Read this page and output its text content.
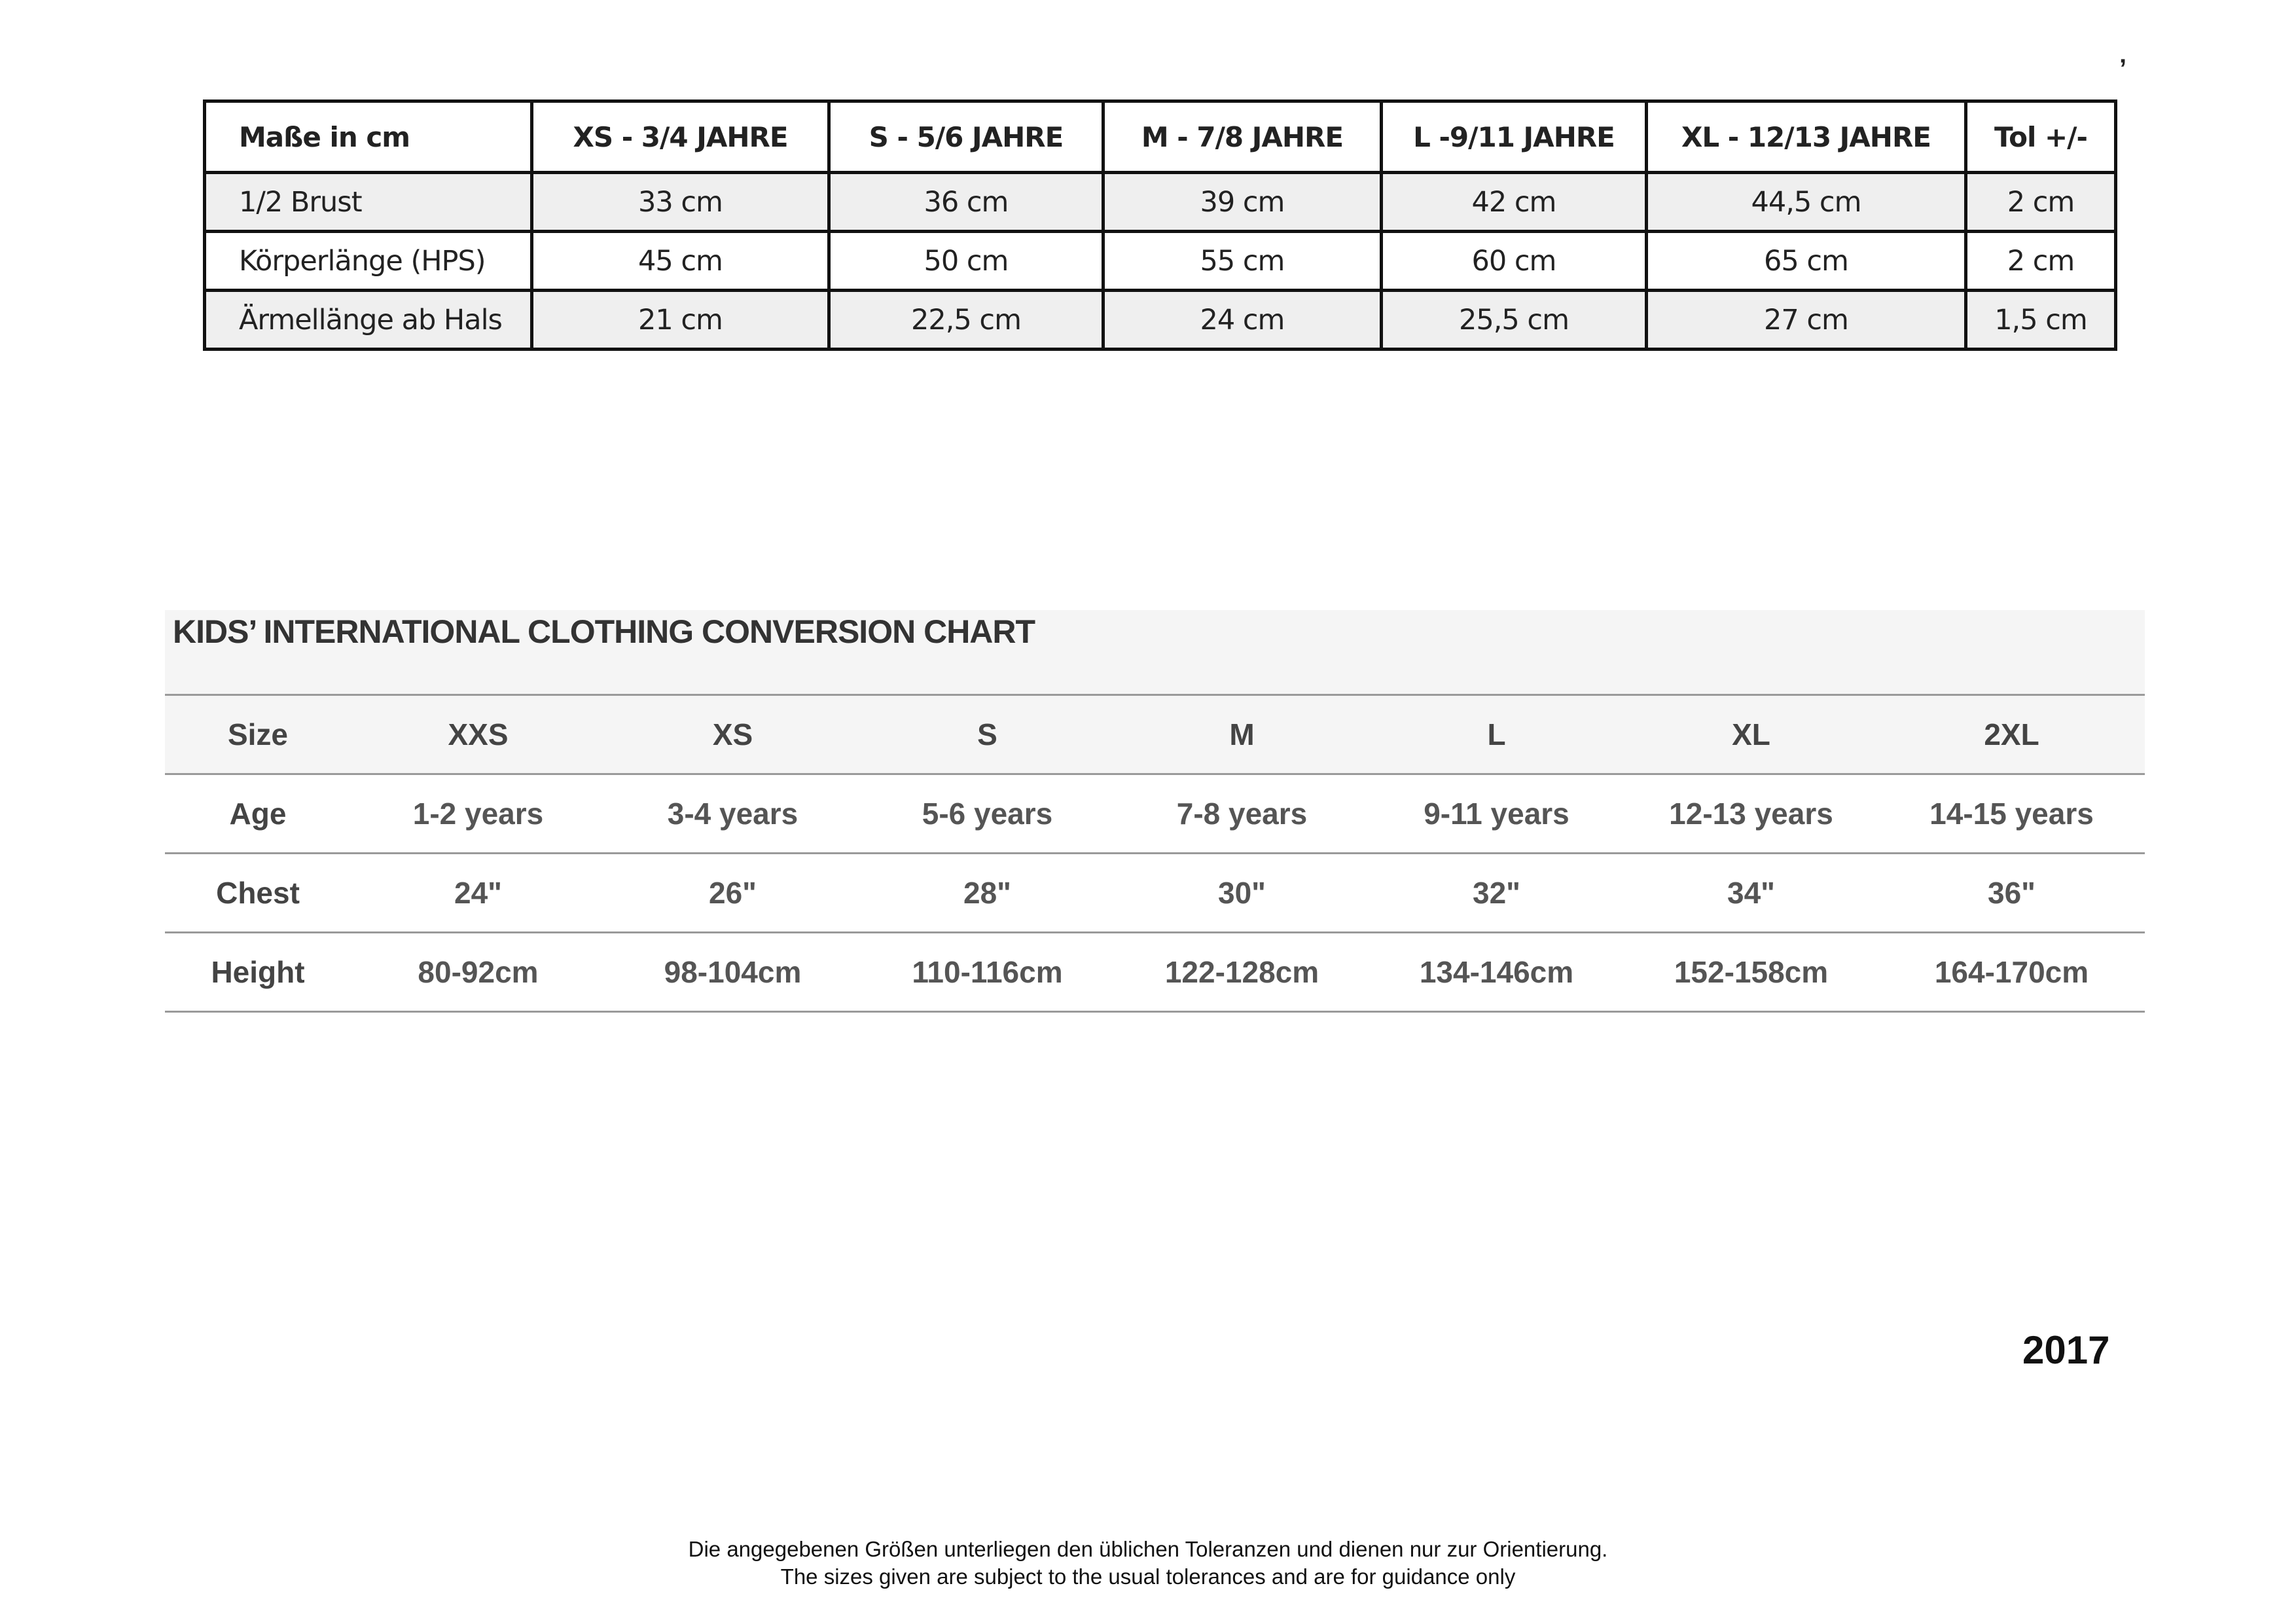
ʼ
Maße in cm	XS - 3/4 JAHRE	S - 5/6 JAHRE	M - 7/8 JAHRE	L -9/11 JAHRE	XL - 12/13 JAHRE	Tol +/-
1/2 Brust	33 cm	36 cm	39 cm	42 cm	44,5 cm	2 cm
Körperlänge (HPS)	45 cm	50 cm	55 cm	60 cm	65 cm	2 cm
Ärmellänge ab Hals	21 cm	22,5 cm	24 cm	25,5 cm	27 cm	1,5 cm
KIDS’ INTERNATIONAL CLOTHING CONVERSION CHART
Size	XXS	XS	S	M	L	XL	2XL
Age	1-2 years	3-4 years	5-6 years	7-8 years	9-11 years	12-13 years	14-15 years
Chest	24"	26"	28"	30"	32"	34"	36"
Height	80-92cm	98-104cm	110-116cm	122-128cm	134-146cm	152-158cm	164-170cm
2017
Die angegebenen Größen unterliegen den üblichen Toleranzen und dienen nur zur Orientierung.
The sizes given are subject to the usual tolerances and are for guidance only
